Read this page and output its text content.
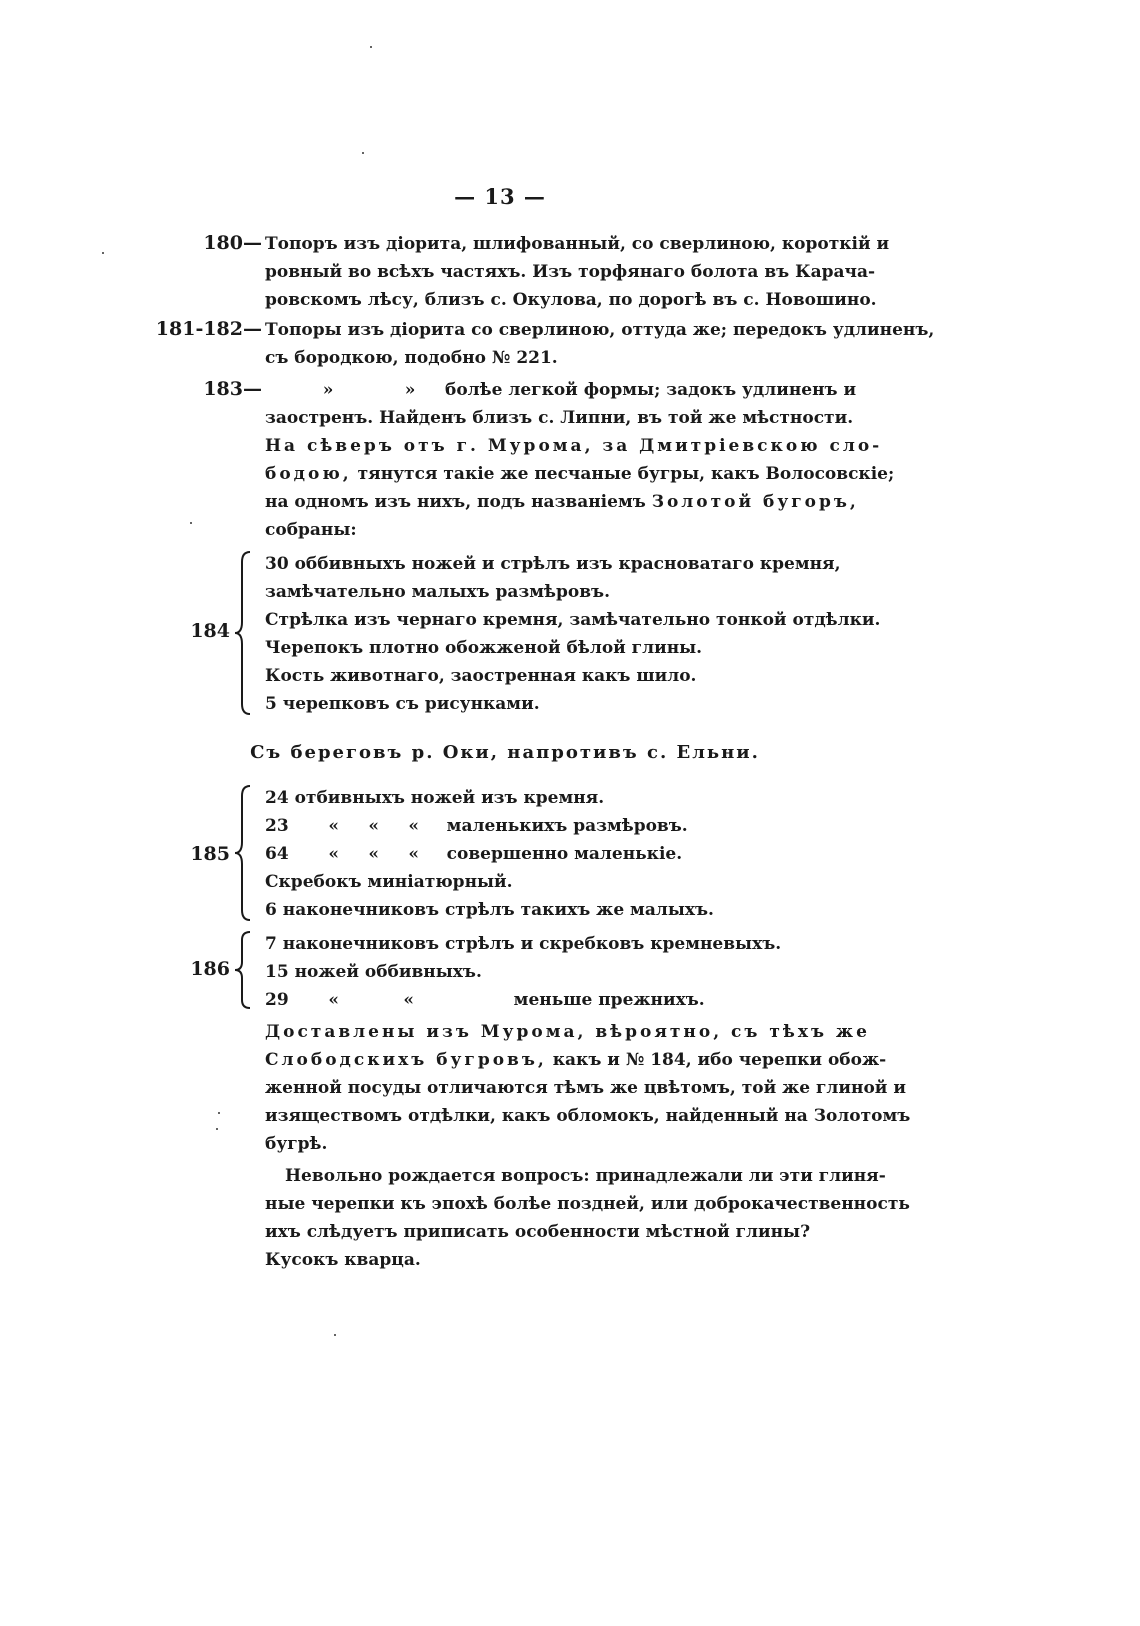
— 13 —
180— Топоръ изъ діорита, шлифованный, со сверлиною, короткій и
ровный во всѣхъ частяхъ. Изъ торфянаго болота въ Карача-
ровскомъ лѣсу, близъ с. Окулова, по дорогѣ въ с. Новошино.
181-182— Топоры изъ діорита со сверлиною, оттуда же; передокъ удлиненъ,
съ бородкою, подобно № 221.
183—	»	» болѣе легкой формы; задокъ удлиненъ и
заостренъ. Найденъ близъ с. Липни, въ той же мѣстности.
На сѣверъ отъ г. Мурома, за Дмитріевскою сло-
бодою, тянутся такіе же песчаные бугры, какъ Волосовскіе;
на одномъ изъ нихъ, подъ названіемъ Золотой бугоръ,
собраны:
184
30 оббивныхъ ножей и стрѣлъ изъ красноватаго кремня,
замѣчательно малыхъ размѣровъ.
Стрѣлка изъ чернаго кремня, замѣчательно тонкой отдѣлки.
Черепокъ плотно обожженой бѣлой глины.
Кость животнаго, заостренная какъ шило.
5 черепковъ съ рисунками.
Съ береговъ р. Оки, напротивъ с. Ельни.
185
24 отбивныхъ ножей изъ кремня.
23 « « « маленькихъ размѣровъ.
64 « « « совершенно маленькіе.
Скребокъ миніатюрный.
6 наконечниковъ стрѣлъ такихъ же малыхъ.
186
7 наконечниковъ стрѣлъ и скребковъ кремневыхъ.
15 ножей оббивныхъ.
29 «	«	меньше прежнихъ.
Доставлены изъ Мурома, вѣроятно, съ тѣхъ же
Слободскихъ бугровъ, какъ и № 184, ибо черепки обож-
женной посуды отличаются тѣмъ же цвѣтомъ, той же глиной и
изяществомъ отдѣлки, какъ обломокъ, найденный на Золотомъ
бугрѣ.
Невольно рождается вопросъ: принадлежали ли эти глиня-
ные черепки къ эпохѣ болѣе поздней, или доброкачественность
ихъ слѣдуетъ приписать особенности мѣстной глины?
Кусокъ кварца.
